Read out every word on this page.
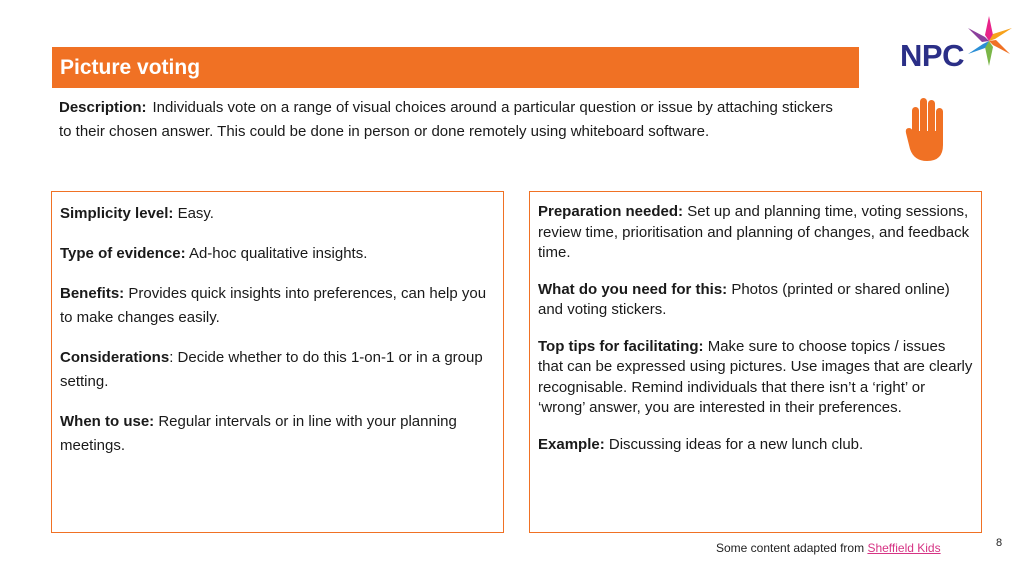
Picture voting	NPC
Description: Individuals vote on a range of visual choices around a particular question or issue by attaching stickers to their chosen answer. This could be done in person or done remotely using whiteboard software.

Simplicity level: Easy.

Type of evidence: Ad-hoc qualitative insights.

Benefits: Provides quick insights into preferences, can help you to make changes easily.

Considerations: Decide whether to do this 1-on-1 or in a group setting.

When to use: Regular intervals or in line with your planning meetings.

Preparation needed: Set up and planning time, voting sessions, review time, prioritisation and planning of changes, and feedback time.

What do you need for this: Photos (printed or shared online) and voting stickers.

Top tips for facilitating: Make sure to choose topics / issues that can be expressed using pictures. Use images that are clearly recognisable. Remind individuals that there isn’t a ‘right’ or ‘wrong’ answer, you are interested in their preferences.

Example: Discussing ideas for a new lunch club.

Some content adapted from Sheffield Kids	8
